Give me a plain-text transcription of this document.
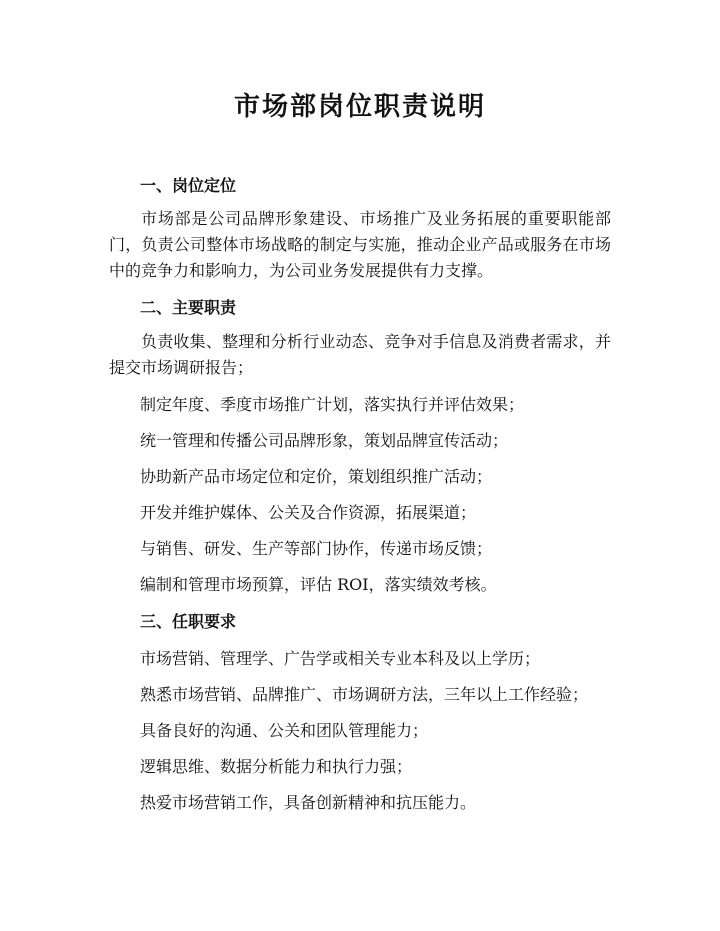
市场部岗位职责说明
一、岗位定位
市场部是公司品牌形象建设、市场推广及业务拓展的重要职能部门，负责公司整体市场战略的制定与实施，推动企业产品或服务在市场中的竞争力和影响力，为公司业务发展提供有力支撑。
二、主要职责
负责收集、整理和分析行业动态、竞争对手信息及消费者需求，并提交市场调研报告；
制定年度、季度市场推广计划，落实执行并评估效果；
统一管理和传播公司品牌形象，策划品牌宣传活动；
协助新产品市场定位和定价，策划组织推广活动；
开发并维护媒体、公关及合作资源，拓展渠道；
与销售、研发、生产等部门协作，传递市场反馈；
编制和管理市场预算，评估 ROI，落实绩效考核。
三、任职要求
市场营销、管理学、广告学或相关专业本科及以上学历；
熟悉市场营销、品牌推广、市场调研方法，三年以上工作经验；
具备良好的沟通、公关和团队管理能力；
逻辑思维、数据分析能力和执行力强；
热爱市场营销工作，具备创新精神和抗压能力。
